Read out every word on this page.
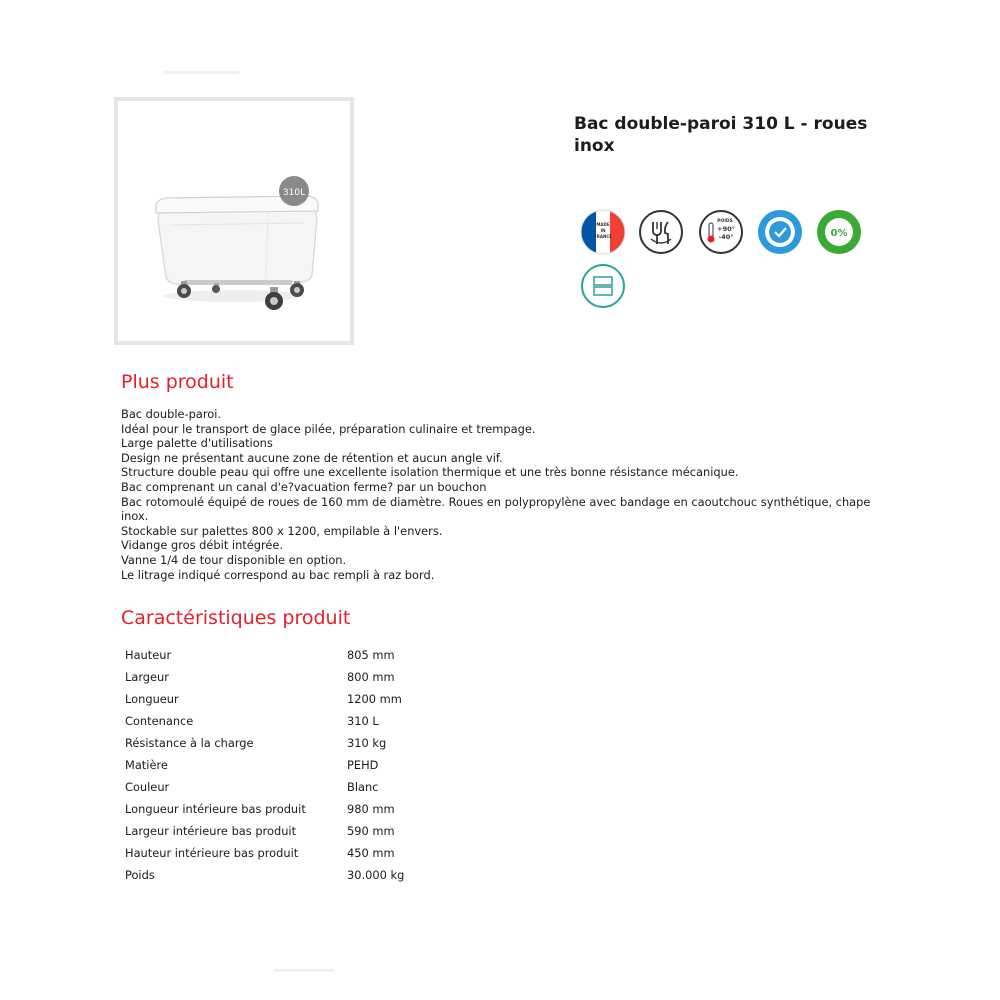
310L
Bac double-paroi 310 L - roues inox
MADE
IN
FRANCE
POIDS
+90°
-40°	0%
Plus produit
Bac double-paroi.
Idéal pour le transport de glace pilée, préparation culinaire et trempage.
Large palette d'utilisations
Design ne présentant aucune zone de rétention et aucun angle vif.
Structure double peau qui offre une excellente isolation thermique et une très bonne résistance mécanique.
Bac comprenant un canal d'e?vacuation ferme? par un bouchon
Bac rotomoulé équipé de roues de 160 mm de diamètre. Roues en polypropylène avec bandage en caoutchouc synthétique, chape inox.
Stockable sur palettes 800 x 1200, empilable à l'envers.
Vidange gros débit intégrée.
Vanne 1/4 de tour disponible en option.
Le litrage indiqué correspond au bac rempli à raz bord.
Caractéristiques produit
Hauteur	805 mm
Largeur	800 mm
Longueur	1200 mm
Contenance	310 L
Résistance à la charge	310 kg
Matière	PEHD
Couleur	Blanc
Longueur intérieure bas produit	980 mm
Largeur intérieure bas produit	590 mm
Hauteur intérieure bas produit	450 mm
Poids	30.000 kg
